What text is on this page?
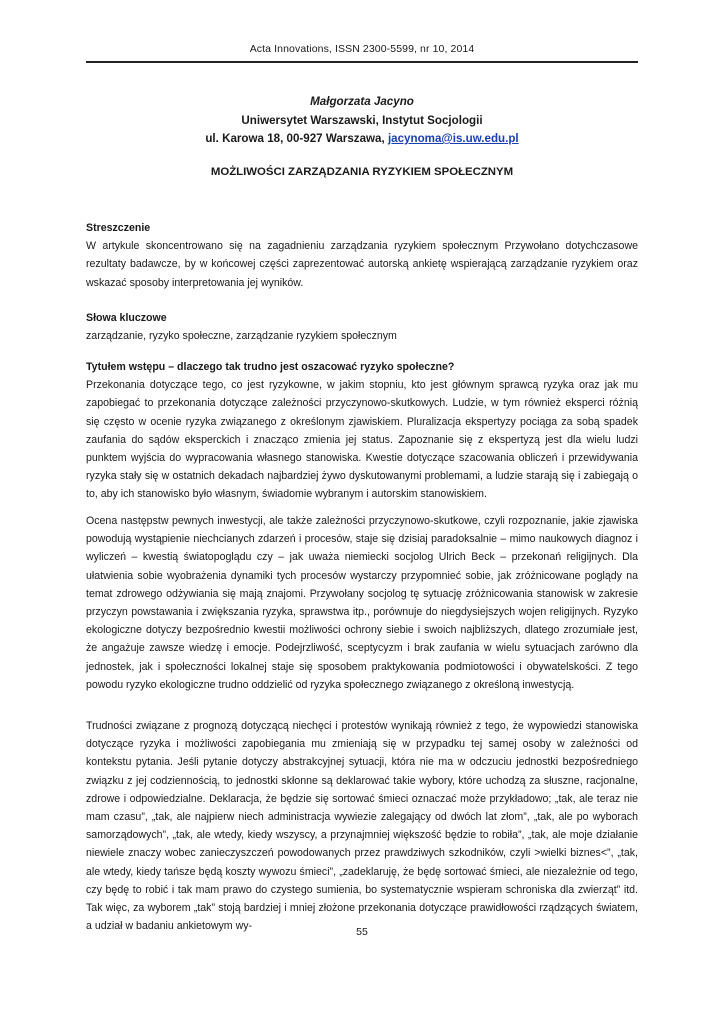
Acta Innovations, ISSN 2300-5599, nr 10, 2014
Małgorzata Jacyno
Uniwersytet Warszawski, Instytut Socjologii
ul. Karowa 18, 00-927 Warszawa, jacynoma@is.uw.edu.pl
MOŻLIWOŚCI ZARZĄDZANIA RYZYKIEM SPOŁECZNYM
Streszczenie
W artykule skoncentrowano się na zagadnieniu zarządzania ryzykiem społecznym Przywołano dotychczasowe rezultaty badawcze, by w końcowej części zaprezentować autorską ankietę wspierającą zarządzanie ryzykiem oraz wskazać sposoby interpretowania jej wyników.
Słowa kluczowe
zarządzanie, ryzyko społeczne, zarządzanie ryzykiem społecznym
Tytułem wstępu – dlaczego tak trudno jest oszacować ryzyko społeczne?
Przekonania dotyczące tego, co jest ryzykowne, w jakim stopniu, kto jest głównym sprawcą ryzyka oraz jak mu zapobiegać to przekonania dotyczące zależności przyczynowo-skutkowych. Ludzie, w tym również eksperci różnią się często w ocenie ryzyka związanego z określonym zjawiskiem. Pluralizacja ekspertyzy pociąga za sobą spadek zaufania do sądów eksperckich i znacząco zmienia jej status. Zapoznanie się z ekspertyzą jest dla wielu ludzi punktem wyjścia do wypracowania własnego stanowiska. Kwestie dotyczące szacowania obliczeń i przewidywania ryzyka stały się w ostatnich dekadach najbardziej żywo dyskutowanymi problemami, a ludzie starają się i zabiegają o to, aby ich stanowisko było własnym, świadomie wybranym i autorskim stanowiskiem.
Ocena następstw pewnych inwestycji, ale także zależności przyczynowo-skutkowe, czyli rozpoznanie, jakie zjawiska powodują wystąpienie niechcianych zdarzeń i procesów, staje się dzisiaj paradoksalnie – mimo naukowych diagnoz i wyliczeń – kwestią światopoglądu czy – jak uważa niemiecki socjolog Ulrich Beck – przekonań religijnych. Dla ułatwienia sobie wyobrażenia dynamiki tych procesów wystarczy przypomnieć sobie, jak zróżnicowane poglądy na temat zdrowego odżywiania się mają znajomi. Przywołany socjolog tę sytuację zróżnicowania stanowisk w zakresie przyczyn powstawania i zwiększania ryzyka, sprawstwa itp., porównuje do niegdysiejszych wojen religijnych. Ryzyko ekologiczne dotyczy bezpośrednio kwestii możliwości ochrony siebie i swoich najbliższych, dlatego zrozumiałe jest, że angażuje zawsze wiedzę i emocje. Podejrzliwość, sceptycyzm i brak zaufania w wielu sytuacjach zarówno dla jednostek, jak i społeczności lokalnej staje się sposobem praktykowania podmiotowości i obywatelskości. Z tego powodu ryzyko ekologiczne trudno oddzielić od ryzyka społecznego związanego z określoną inwestycją.
Trudności związane z prognozą dotyczącą niechęci i protestów wynikają również z tego, że wypowiedzi stanowiska dotyczące ryzyka i możliwości zapobiegania mu zmieniają się w przypadku tej samej osoby w zależności od kontekstu pytania. Jeśli pytanie dotyczy abstrakcyjnej sytuacji, która nie ma w odczuciu jednostki bezpośredniego związku z jej codziennością, to jednostki skłonne są deklarować takie wybory, które uchodzą za słuszne, racjonalne, zdrowe i odpowiedzialne. Deklaracja, że będzie się sortować śmieci oznaczać może przykładowo; „tak, ale teraz nie mam czasu”, „tak, ale najpierw niech administracja wywiezie zalegający od dwóch lat złom”, „tak, ale po wyborach samorządowych”, „tak, ale wtedy, kiedy wszyscy, a przynajmniej większość będzie to robiła”, „tak, ale moje działanie niewiele znaczy wobec zanieczyszczeń powodowanych przez prawdziwych szkodników, czyli >wielki biznes<”, „tak, ale wtedy, kiedy tańsze będą koszty wywozu śmieci”, „zadeklaruję, że będę sortować śmieci, ale niezależnie od tego, czy będę to robić i tak mam prawo do czystego sumienia, bo systematycznie wspieram schroniska dla zwierząt” itd. Tak więc, za wyborem „tak” stoją bardziej i mniej złożone przekonania dotyczące prawidłowości rządzących światem, a udział w badaniu ankietowym wy-	55
